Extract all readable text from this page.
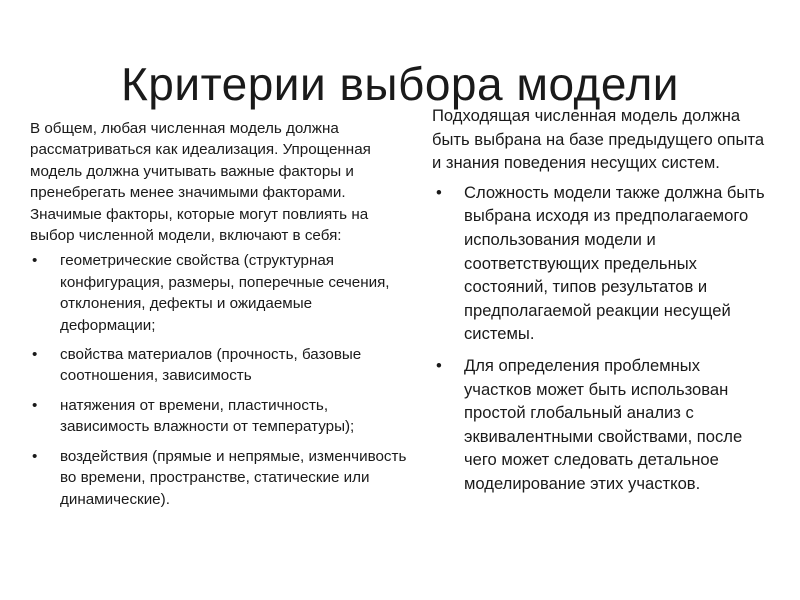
Критерии выбора модели

В общем, любая численная модель должна рассматриваться как идеализация. Упрощенная модель должна учитывать важные факторы и пренебрегать менее значимыми факторами. Значимые факторы, которые могут повлиять на выбор численной модели, включают в себя:

• геометрические свойства (структурная конфигурация, размеры, поперечные сечения, отклонения, дефекты и ожидаемые деформации;
• свойства материалов (прочность, базовые соотношения, зависимость
• натяжения от времени, пластичность, зависимость влажности от температуры);
• воздействия (прямые и непрямые, изменчивость во времени, пространстве, статические или динамические).

Подходящая численная модель должна быть выбрана на базе предыдущего опыта и знания поведения несущих систем.

• Сложность модели также должна быть выбрана исходя из предполагаемого использования модели и соответствующих предельных состояний, типов результатов и предполагаемой реакции несущей системы.
• Для определения проблемных участков может быть использован простой глобальный анализ с эквивалентными свойствами, после чего может следовать детальное моделирование этих участков.
